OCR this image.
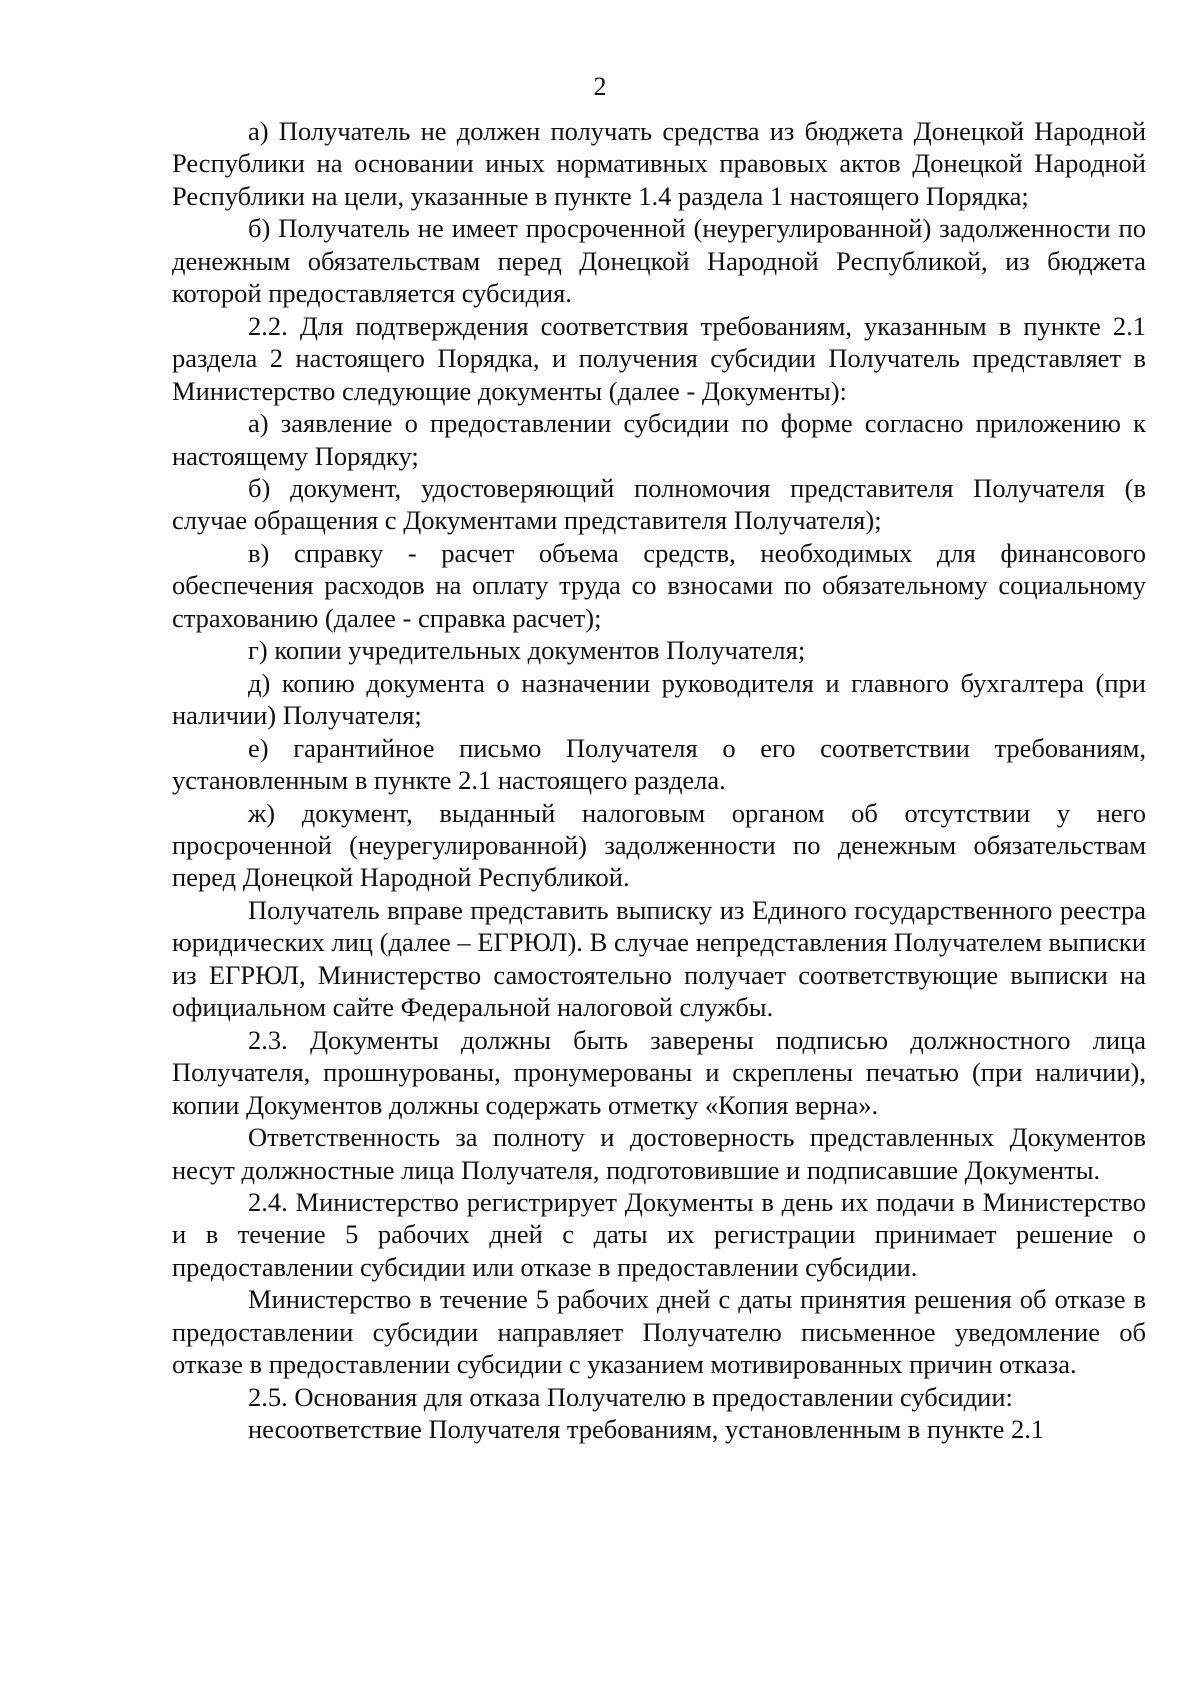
2

а) Получатель не должен получать средства из бюджета Донецкой Народной Республики на основании иных нормативных правовых актов Донецкой Народной Республики на цели, указанные в пункте 1.4 раздела 1 настоящего Порядка;

б) Получатель не имеет просроченной (неурегулированной) задолженности по денежным обязательствам перед Донецкой Народной Республикой, из бюджета которой предоставляется субсидия.

2.2. Для подтверждения соответствия требованиям, указанным в пункте 2.1 раздела 2 настоящего Порядка, и получения субсидии Получатель представляет в Министерство следующие документы (далее - Документы):

а) заявление о предоставлении субсидии по форме согласно приложению к настоящему Порядку;

б) документ, удостоверяющий полномочия представителя Получателя (в случае обращения с Документами представителя Получателя);

в) справку - расчет объема средств, необходимых для финансового обеспечения расходов на оплату труда со взносами по обязательному социальному страхованию (далее - справка расчет);

г) копии учредительных документов Получателя;

д) копию документа о назначении руководителя и главного бухгалтера (при наличии) Получателя;

е) гарантийное письмо Получателя о его соответствии требованиям, установленным в пункте 2.1 настоящего раздела.

ж) документ, выданный налоговым органом об отсутствии у него просроченной (неурегулированной) задолженности по денежным обязательствам перед Донецкой Народной Республикой.

Получатель вправе представить выписку из Единого государственного реестра юридических лиц (далее – ЕГРЮЛ). В случае непредставления Получателем выписки из ЕГРЮЛ, Министерство самостоятельно получает соответствующие выписки на официальном сайте Федеральной налоговой службы.

2.3. Документы должны быть заверены подписью должностного лица Получателя, прошнурованы, пронумерованы и скреплены печатью (при наличии), копии Документов должны содержать отметку «Копия верна».

Ответственность за полноту и достоверность представленных Документов несут должностные лица Получателя, подготовившие и подписавшие Документы.

2.4. Министерство регистрирует Документы в день их подачи в Министерство и в течение 5 рабочих дней с даты их регистрации принимает решение о предоставлении субсидии или отказе в предоставлении субсидии.

Министерство в течение 5 рабочих дней с даты принятия решения об отказе в предоставлении субсидии направляет Получателю письменное уведомление об отказе в предоставлении субсидии с указанием мотивированных причин отказа.

2.5. Основания для отказа Получателю в предоставлении субсидии:

несоответствие Получателя требованиям, установленным в пункте 2.1
